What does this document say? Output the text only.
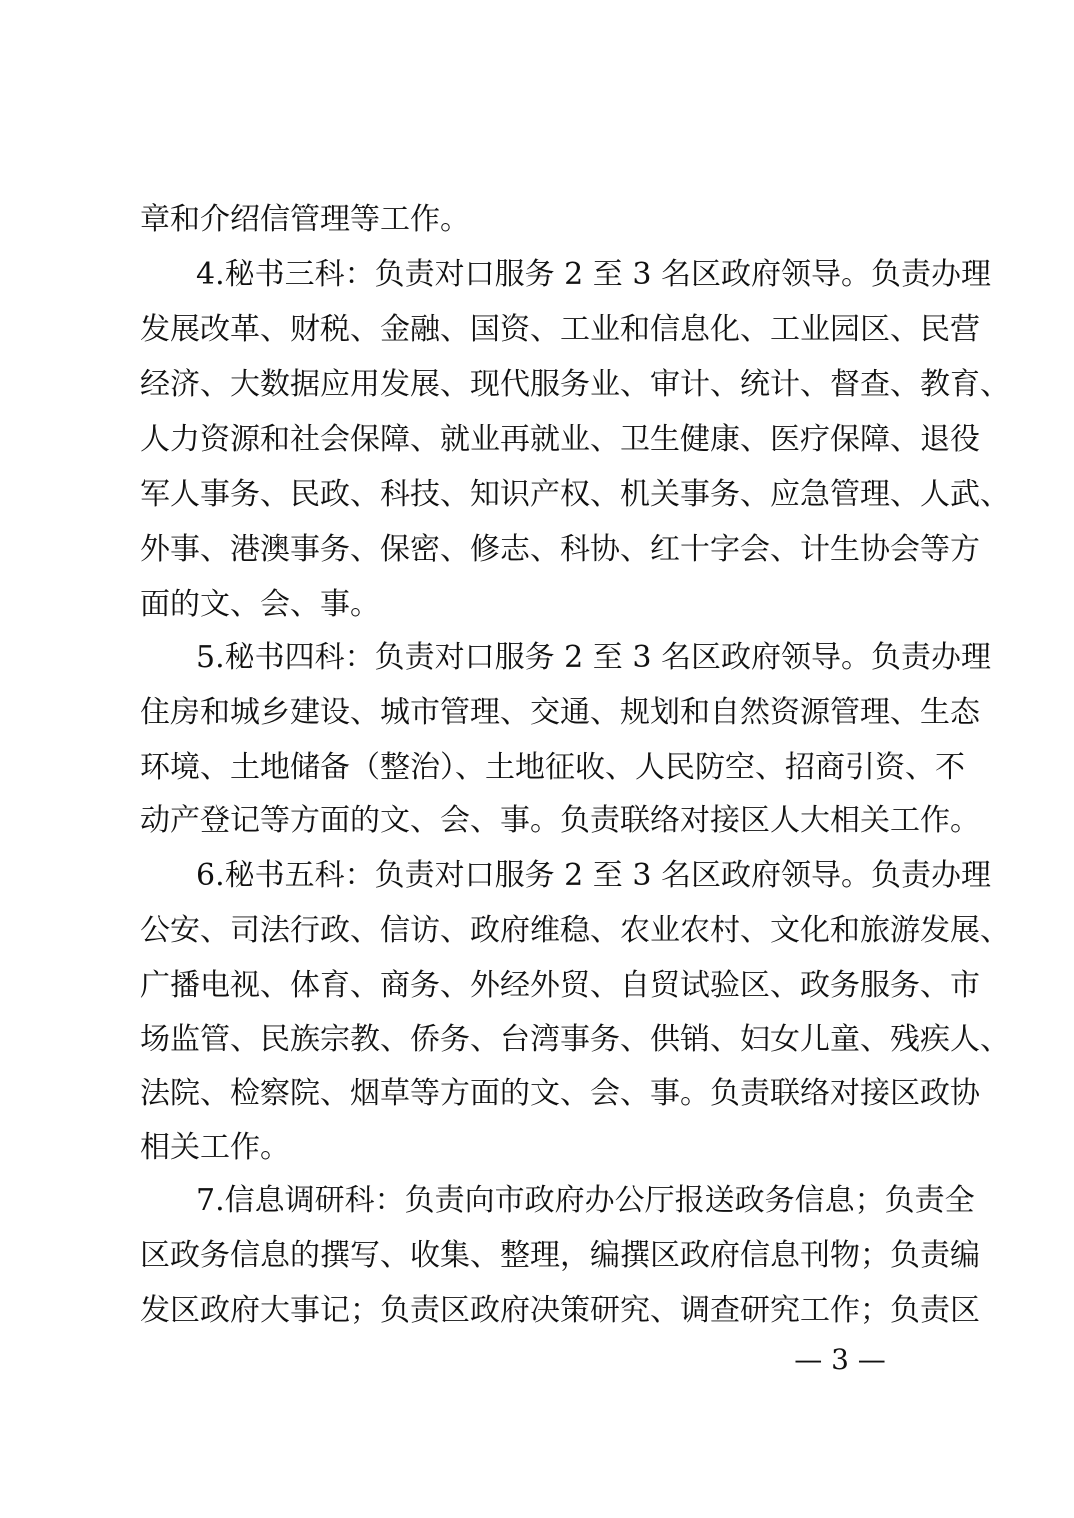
章和介绍信管理等工作。

4.秘书三科：负责对口服务 2 至 3 名区政府领导。负责办理

发展改革、财税、金融、国资、工业和信息化、工业园区、民营

经济、大数据应用发展、现代服务业、审计、统计、督查、教育、

人力资源和社会保障、就业再就业、卫生健康、医疗保障、退役

军人事务、民政、科技、知识产权、机关事务、应急管理、人武、

外事、港澳事务、保密、修志、科协、红十字会、计生协会等方

面的文、会、事。

5.秘书四科：负责对口服务 2 至 3 名区政府领导。负责办理

住房和城乡建设、城市管理、交通、规划和自然资源管理、生态

环境、土地储备（整治）、土地征收、人民防空、招商引资、不

动产登记等方面的文、会、事。负责联络对接区人大相关工作。

6.秘书五科：负责对口服务 2 至 3 名区政府领导。负责办理

公安、司法行政、信访、政府维稳、农业农村、文化和旅游发展、

广播电视、体育、商务、外经外贸、自贸试验区、政务服务、市

场监管、民族宗教、侨务、台湾事务、供销、妇女儿童、残疾人、

法院、检察院、烟草等方面的文、会、事。负责联络对接区政协

相关工作。

7.信息调研科：负责向市政府办公厅报送政务信息；负责全

区政务信息的撰写、收集、整理，编撰区政府信息刊物；负责编

发区政府大事记；负责区政府决策研究、调查研究工作；负责区

— 3 —
